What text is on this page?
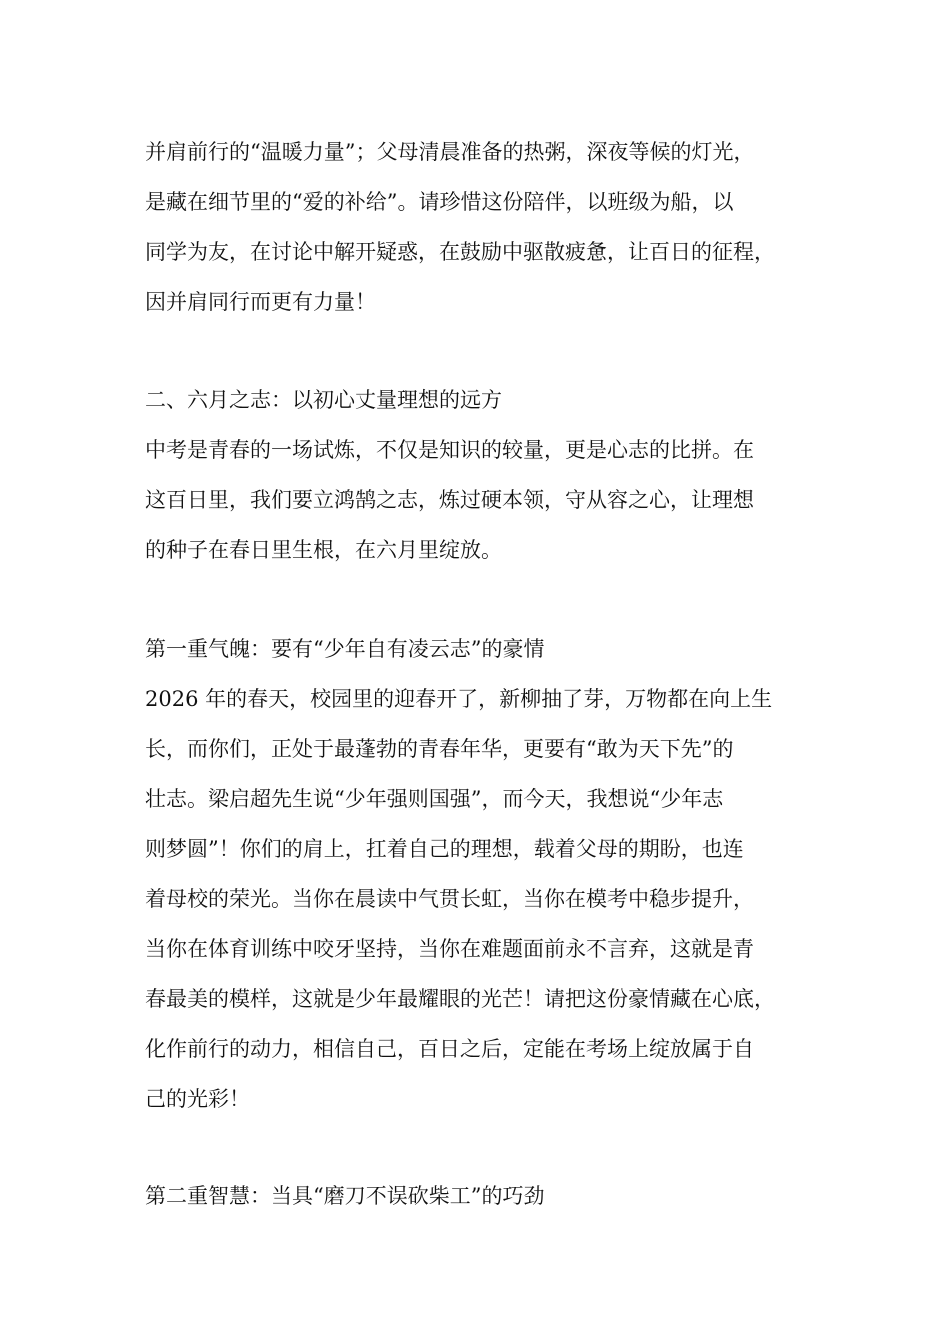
并肩前行的“温暖力量”；父母清晨准备的热粥，深夜等候的灯光，
是藏在细节里的“爱的补给”。请珍惜这份陪伴，以班级为船，以
同学为友，在讨论中解开疑惑，在鼓励中驱散疲惫，让百日的征程，
因并肩同行而更有力量！
二、六月之志：以初心丈量理想的远方
中考是青春的一场试炼，不仅是知识的较量，更是心志的比拼。在
这百日里，我们要立鸿鹄之志，炼过硬本领，守从容之心，让理想
的种子在春日里生根，在六月里绽放。
第一重气魄：要有“少年自有凌云志”的豪情
2026 年的春天，校园里的迎春开了，新柳抽了芽，万物都在向上生
长，而你们，正处于最蓬勃的青春年华，更要有“敢为天下先”的
壮志。梁启超先生说“少年强则国强”，而今天，我想说“少年志
则梦圆”！你们的肩上，扛着自己的理想，载着父母的期盼，也连
着母校的荣光。当你在晨读中气贯长虹，当你在模考中稳步提升，
当你在体育训练中咬牙坚持，当你在难题面前永不言弃，这就是青
春最美的模样，这就是少年最耀眼的光芒！请把这份豪情藏在心底，
化作前行的动力，相信自己，百日之后，定能在考场上绽放属于自
己的光彩！
第二重智慧：当具“磨刀不误砍柴工”的巧劲
